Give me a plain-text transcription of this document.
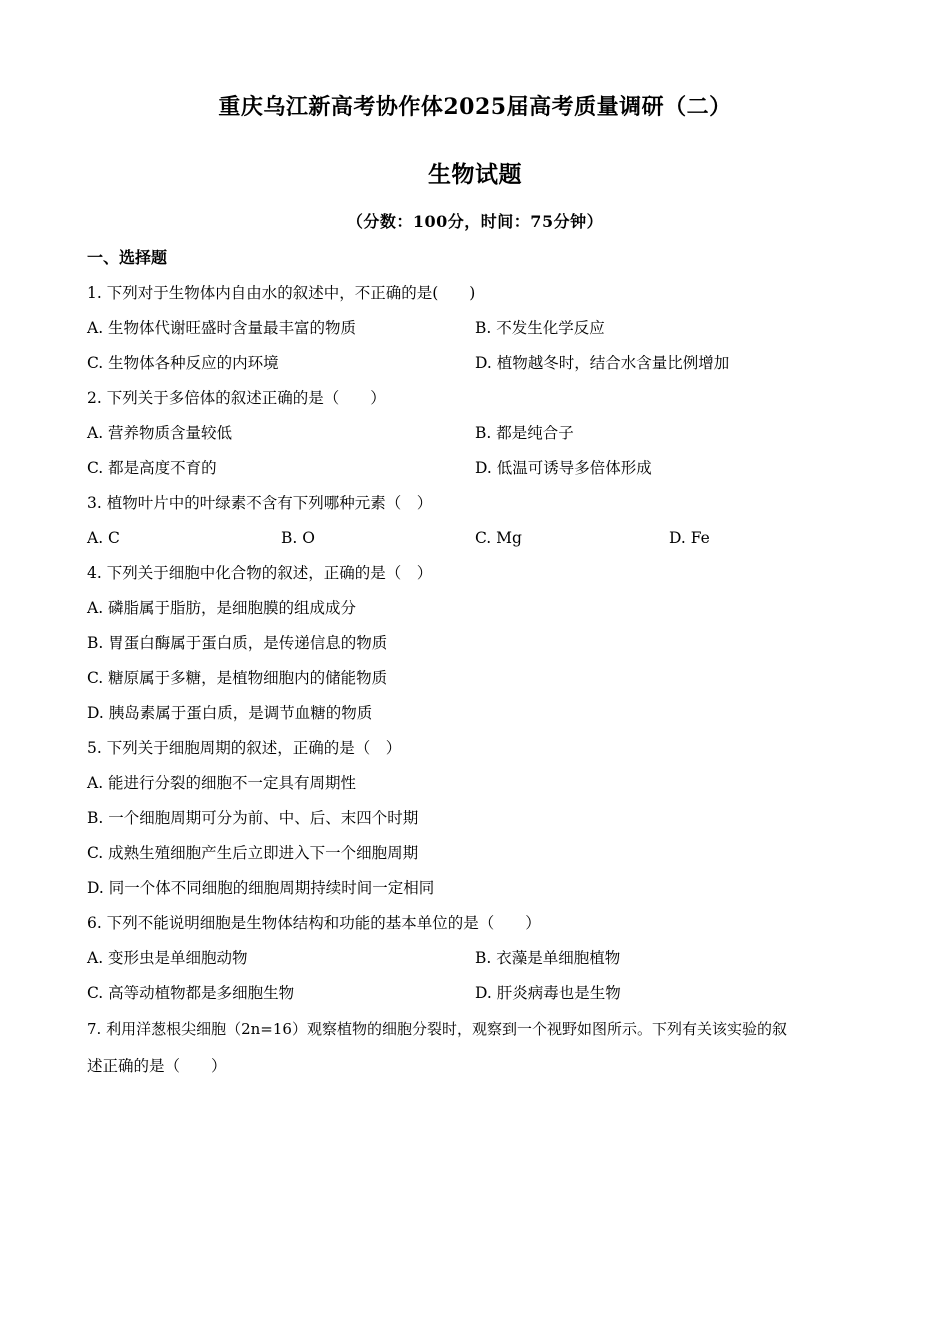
重庆乌江新高考协作体2025届高考质量调研（二）
生物试题
（分数：100分，时间：75分钟）
一、选择题
1. 下列对于生物体内自由水的叙述中，不正确的是(　　)
A. 生物体代谢旺盛时含量最丰富的物质	B. 不发生化学反应
C. 生物体各种反应的内环境	D. 植物越冬时，结合水含量比例增加
2. 下列关于多倍体的叙述正确的是（　　）
A. 营养物质含量较低	B. 都是纯合子
C. 都是高度不育的	D. 低温可诱导多倍体形成
3. 植物叶片中的叶绿素不含有下列哪种元素（　）
A. C	B. O	C. Mg	D. Fe
4. 下列关于细胞中化合物的叙述，正确的是（　）
A. 磷脂属于脂肪，是细胞膜的组成成分
B. 胃蛋白酶属于蛋白质，是传递信息的物质
C. 糖原属于多糖，是植物细胞内的储能物质
D. 胰岛素属于蛋白质，是调节血糖的物质
5. 下列关于细胞周期的叙述，正确的是（　）
A. 能进行分裂的细胞不一定具有周期性
B. 一个细胞周期可分为前、中、后、末四个时期
C. 成熟生殖细胞产生后立即进入下一个细胞周期
D. 同一个体不同细胞的细胞周期持续时间一定相同
6. 下列不能说明细胞是生物体结构和功能的基本单位的是（　　）
A. 变形虫是单细胞动物	B. 衣藻是单细胞植物
C. 高等动植物都是多细胞生物	D. 肝炎病毒也是生物
7. 利用洋葱根尖细胞（2n=16）观察植物的细胞分裂时，观察到一个视野如图所示。下列有关该实验的叙
述正确的是（　　）
